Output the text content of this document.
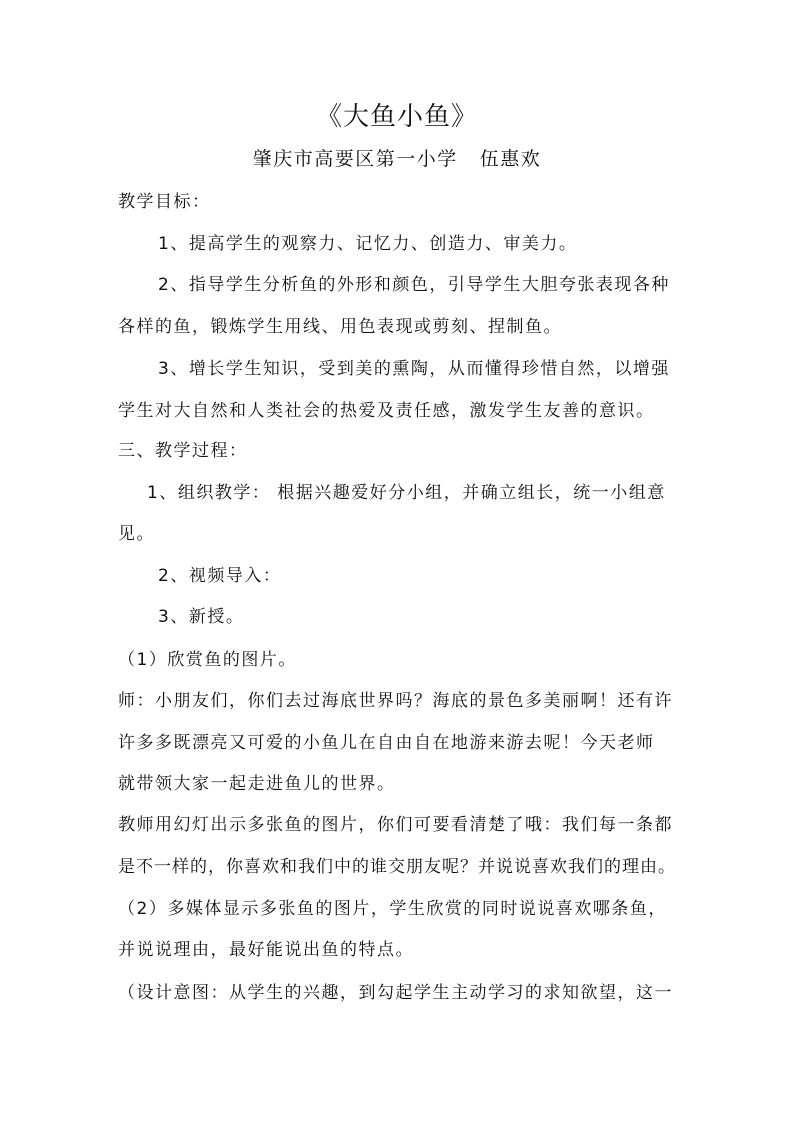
《大鱼小鱼》
肇庆市高要区第一小学 伍惠欢
教学目标：
1、提高学生的观察力、记忆力、创造力、审美力。
2、指导学生分析鱼的外形和颜色，引导学生大胆夸张表现各种
各样的鱼，锻炼学生用线、用色表现或剪刻、捏制鱼。
3、增长学生知识，受到美的熏陶，从而懂得珍惜自然，以增强
学生对大自然和人类社会的热爱及责任感，激发学生友善的意识。
三、教学过程：
1、组织教学： 根据兴趣爱好分小组，并确立组长，统一小组意
见。
2、视频导入：
3、新授。
（1）欣赏鱼的图片。
师：小朋友们，你们去过海底世界吗？海底的景色多美丽啊！还有许
许多多既漂亮又可爱的小鱼儿在自由自在地游来游去呢！今天老师
就带领大家一起走进鱼儿的世界。
教师用幻灯出示多张鱼的图片，你们可要看清楚了哦：我们每一条都
是不一样的，你喜欢和我们中的谁交朋友呢？并说说喜欢我们的理由。
（2）多媒体显示多张鱼的图片，学生欣赏的同时说说喜欢哪条鱼，
并说说理由，最好能说出鱼的特点。
（设计意图：从学生的兴趣，到勾起学生主动学习的求知欲望，这一
